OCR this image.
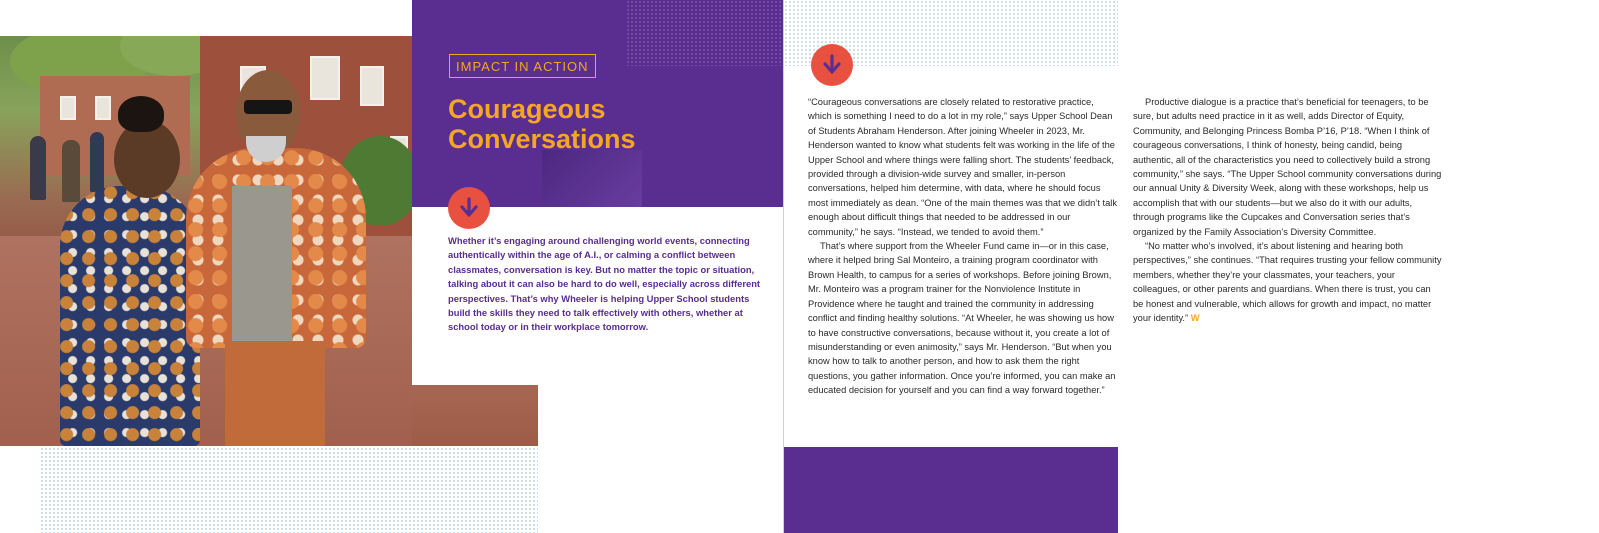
IMPACT IN ACTION
Courageous Conversations

Whether it’s engaging around challenging world events, connecting authentically within the age of A.I., or calming a conflict between classmates, conversation is key. But no matter the topic or situation, talking about it can also be hard to do well, especially across different perspectives. That’s why Wheeler is helping Upper School students build the skills they need to talk effectively with others, whether at school today or in their workplace tomorrow.

“Courageous conversations are closely related to restorative practice, which is something I need to do a lot in my role,” says Upper School Dean of Students Abraham Henderson. After joining Wheeler in 2023, Mr. Henderson wanted to know what students felt was working in the life of the Upper School and where things were falling short. The students’ feedback, provided through a division-wide survey and smaller, in-person conversations, helped him determine, with data, where he should focus most immediately as dean. “One of the main themes was that we didn’t talk enough about difficult things that needed to be addressed in our community,” he says. “Instead, we tended to avoid them.”

That’s where support from the Wheeler Fund came in—or in this case, where it helped bring Sal Monteiro, a training program coordinator with Brown Health, to campus for a series of workshops. Before joining Brown, Mr. Monteiro was a program trainer for the Nonviolence Institute in Providence where he taught and trained the community in addressing conflict and finding healthy solutions. “At Wheeler, he was showing us how to have constructive conversations, because without it, you create a lot of misunderstanding or even animosity,” says Mr. Henderson. “But when you know how to talk to another person, and how to ask them the right questions, you gather information. Once you’re informed, you can make an educated decision for yourself and you can find a way forward together.”

Productive dialogue is a practice that’s beneficial for teenagers, to be sure, but adults need practice in it as well, adds Director of Equity, Community, and Belonging Princess Bomba P’16, P’18. “When I think of courageous conversations, I think of honesty, being candid, being authentic, all of the characteristics you need to collectively build a strong community,” she says. “The Upper School community conversations during our annual Unity & Diversity Week, along with these workshops, help us accomplish that with our students—but we also do it with our adults, through programs like the Cupcakes and Conversation series that’s organized by the Family Association’s Diversity Committee.

“No matter who’s involved, it’s about listening and hearing both perspectives,” she continues. “That requires trusting your fellow community members, whether they’re your classmates, your teachers, your colleagues, or other parents and guardians. When there is trust, you can be honest and vulnerable, which allows for growth and impact, no matter your identity.” W
